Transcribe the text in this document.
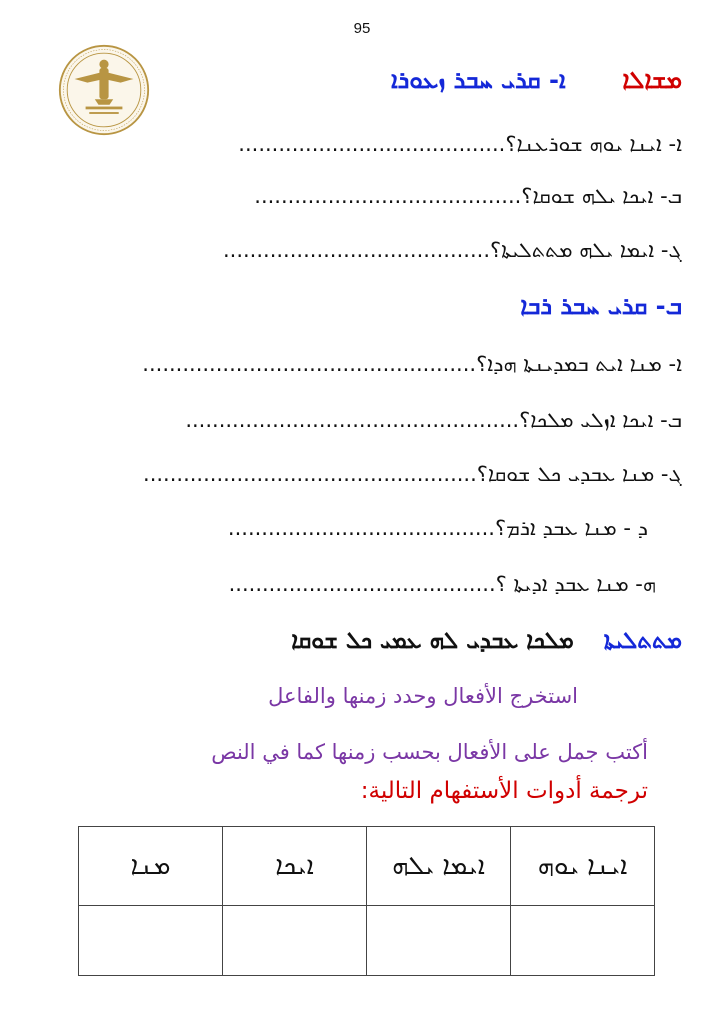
95
ܡܫܐܠܐ  ܐ- ܩܪܝ ܚܒܪ ܙܥܘܪܐ
ܐ- ܐܝܢܐ ܝܘܗ ܫܘܪܥܢܐ؟........................................
ܒ- ܐܝܟܐ ܝܠܗ ܫܘܩܐ؟........................................
ܓ- ܐܝܡܐ ܝܠܗ ܡܬܬܠܝܬܐ؟........................................
ܒ- ܩܪܝ ܚܒܪ ܪܒܐ
ܐ- ܡܢܐ ܐܝܬ ܒܡܕܝܢܬܐ ܗܕܐ؟..................................................
ܒ- ܐܝܟܐ ܐܙܠܝ ܡܠܟܐ؟..................................................
ܓ- ܡܢܐ ܥܒܕܝ ܟܠ ܫܘܩܐ؟..................................................
ܕ - ܡܢܐ ܥܒܕ ܐܪܡ؟........................................
ܗ- ܡܢܐ ܥܒܕ ܐܕܝܬܐ ؟........................................
ܡܬܬܠܝܬܐ  ܡܠܟܐ ܥܒܕܝ ܠܗ ܥܡܝ ܟܠ ܫܘܩܐ
استخرج الأفعال وحدد زمنها والفاعل
أكتب جمل على الأفعال بحسب زمنها كما في النص
ترجمة أدوات الأستفهام التالية:
ܐܝܢܐ ܝܘܗ	ܐܝܡܐ ܝܠܗ	ܐܝܟܐ	ܡܢܐ
